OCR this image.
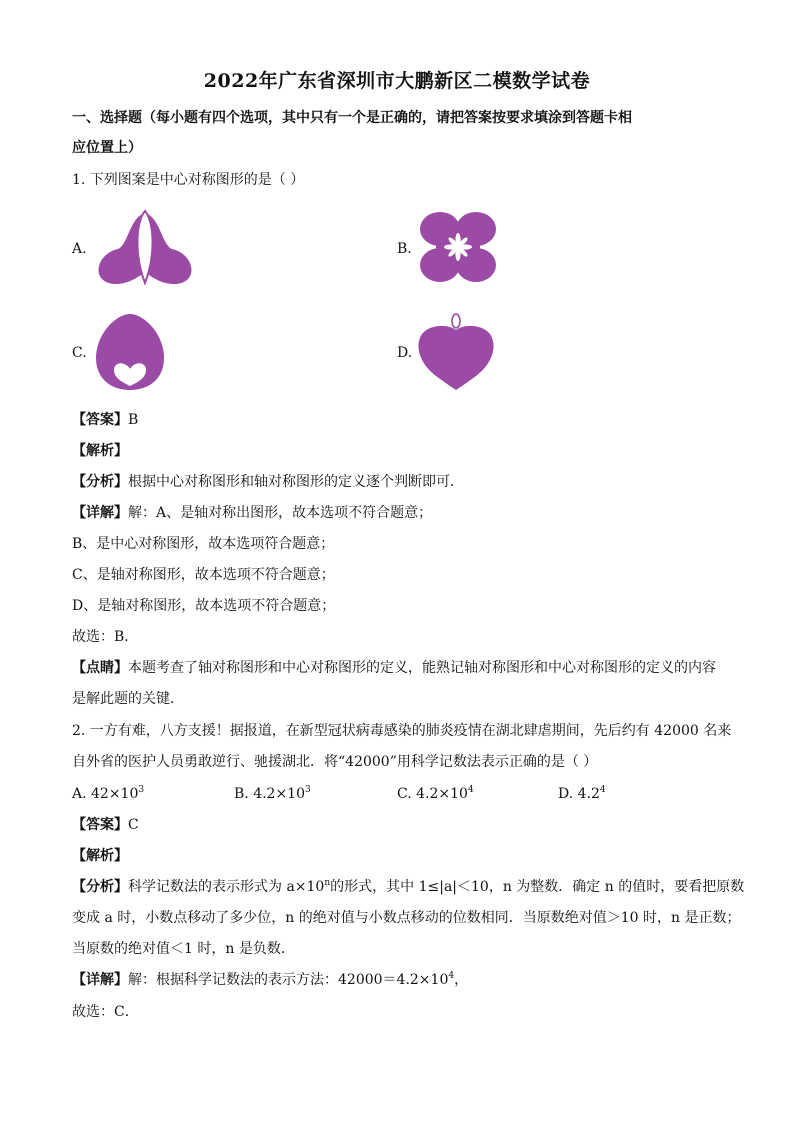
2022年广东省深圳市大鹏新区二模数学试卷
一、选择题（每小题有四个选项，其中只有一个是正确的，请把答案按要求填涂到答题卡相
应位置上）
1. 下列图案是中心对称图形的是（ ）
A.	B.
C.	D.
【答案】B
【解析】
【分析】根据中心对称图形和轴对称图形的定义逐个判断即可．
【详解】解：A、是轴对称出图形，故本选项不符合题意；
B、是中心对称图形，故本选项符合题意；
C、是轴对称图形，故本选项不符合题意；
D、是轴对称图形，故本选项不符合题意；
故选：B．
【点睛】本题考查了轴对称图形和中心对称图形的定义，能熟记轴对称图形和中心对称图形的定义的内容
是解此题的关键．
2. 一方有难，八方支援！据报道，在新型冠状病毒感染的肺炎疫情在湖北肆虐期间，先后约有 42000 名来
自外省的医护人员勇敢逆行、驰援湖北．将“42000”用科学记数法表示正确的是（ ）
A. $42\times 10^3$	B. $4.2\times 10^3$	C. $4.2\times 10^4$	D. $4.2^4$
【答案】C
【解析】
【分析】科学记数法的表示形式为 $a\times 10^n$的形式，其中 1≤|a|＜10，n 为整数．确定 n 的值时，要看把原数
变成 a 时，小数点移动了多少位，n 的绝对值与小数点移动的位数相同．当原数绝对值＞10 时，n 是正数；
当原数的绝对值＜1 时，n 是负数．
【详解】解：根据科学记数法的表示方法：$42000=4.2\times 10^4$，
故选：C．
